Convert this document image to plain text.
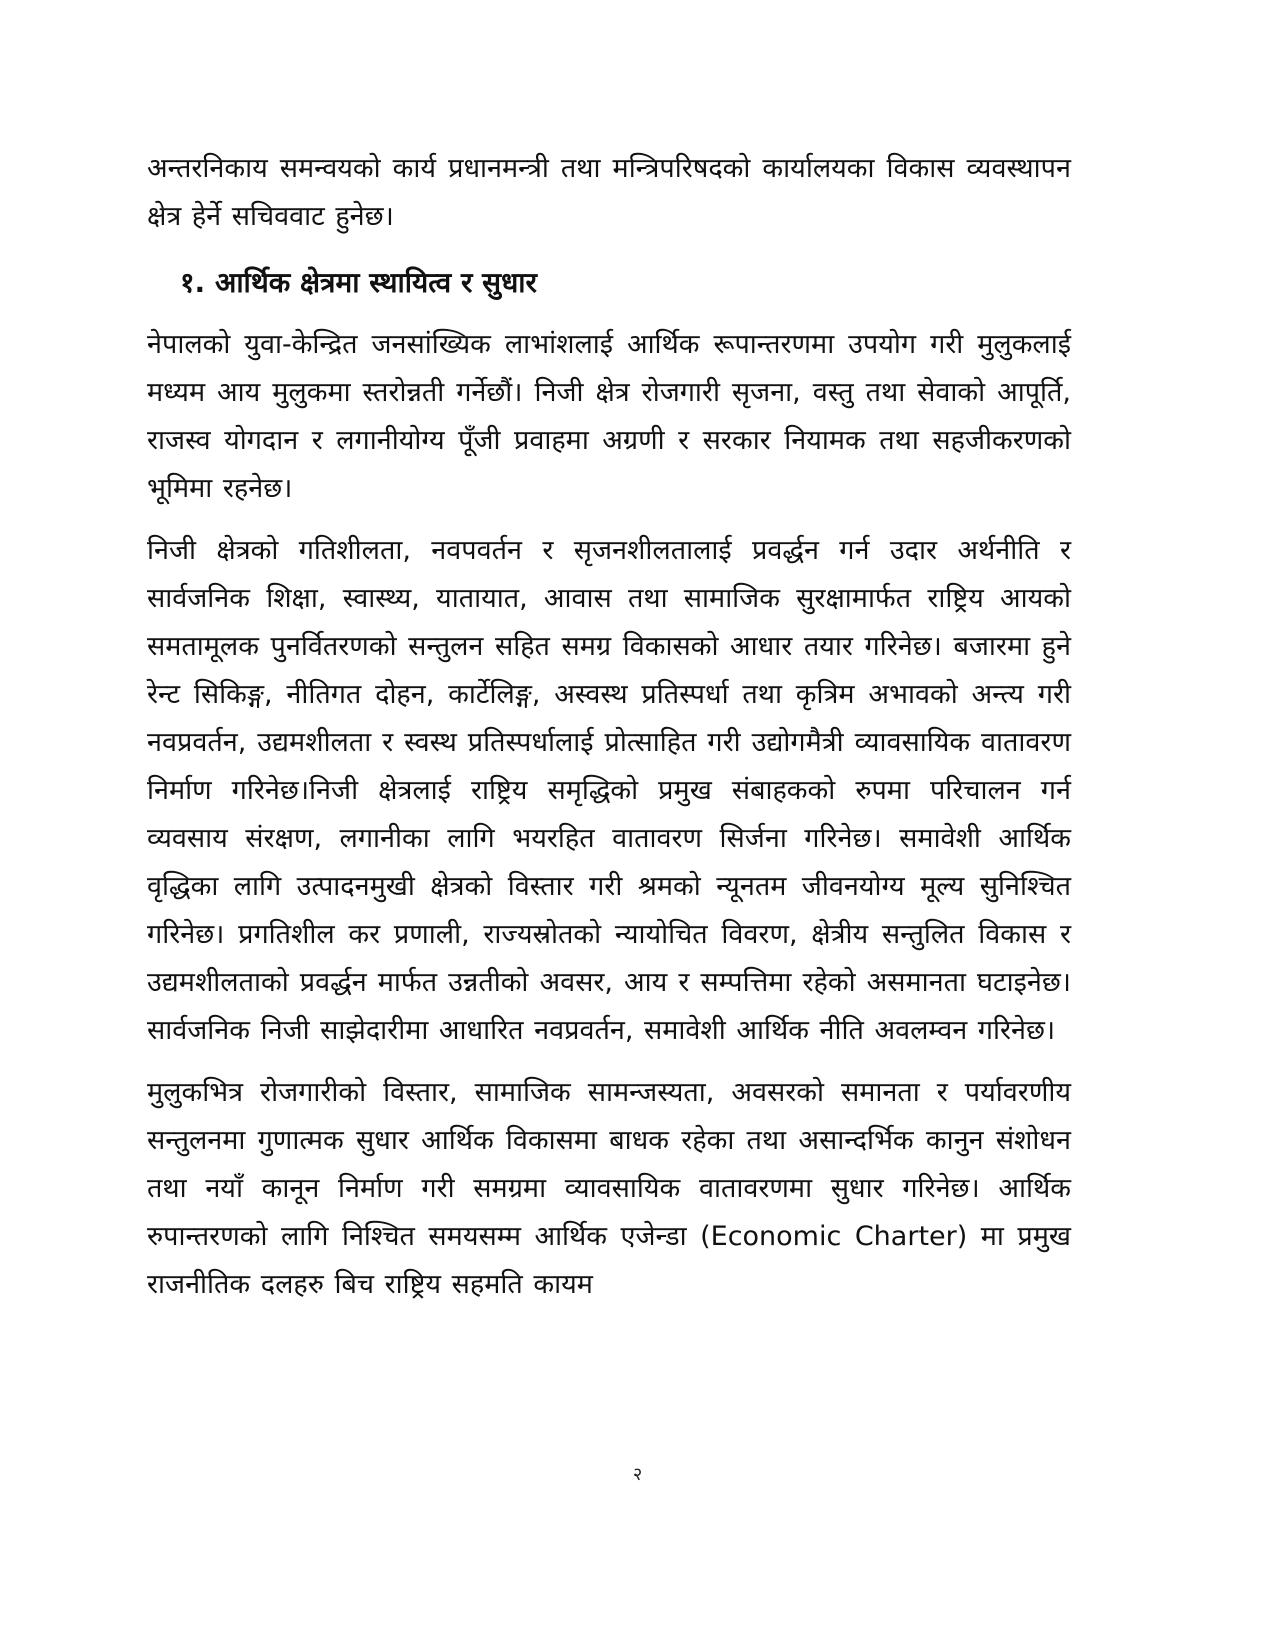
अन्तरनिकाय समन्वयको कार्य प्रधानमन्त्री तथा मन्त्रिपरिषदको कार्यालयका विकास व्यवस्थापन क्षेत्र हेर्ने सचिववाट हुनेछ।

१. आर्थिक क्षेत्रमा स्थायित्व र सुधार

नेपालको युवा-केन्द्रित जनसांख्यिक लाभांशलाई आर्थिक रूपान्तरणमा उपयोग गरी मुलुकलाई मध्यम आय मुलुकमा स्तरोन्नती गर्नेछौं। निजी क्षेत्र रोजगारी सृजना, वस्तु तथा सेवाको आपूर्ति, राजस्व योगदान र लगानीयोग्य पूँजी प्रवाहमा अग्रणी र सरकार नियामक तथा सहजीकरणको भूमिमा रहनेछ।

निजी क्षेत्रको गतिशीलता, नवपवर्तन र सृजनशीलतालाई प्रवर्द्धन गर्न उदार अर्थनीति र सार्वजनिक शिक्षा, स्वास्थ्य, यातायात, आवास तथा सामाजिक सुरक्षामार्फत राष्ट्रिय आयको समतामूलक पुनर्वितरणको सन्तुलन सहित समग्र विकासको आधार तयार गरिनेछ। बजारमा हुने रेन्ट सिकिङ्ग, नीतिगत दोहन, कार्टेलिङ्ग, अस्वस्थ प्रतिस्पर्धा तथा कृत्रिम अभावको अन्त्य गरी नवप्रवर्तन, उद्यमशीलता र स्वस्थ प्रतिस्पर्धालाई प्रोत्साहित गरी उद्योगमैत्री व्यावसायिक वातावरण निर्माण गरिनेछ।निजी क्षेत्रलाई राष्ट्रिय समृद्धिको प्रमुख संबाहकको रुपमा परिचालन गर्न व्यवसाय संरक्षण, लगानीका लागि भयरहित वातावरण सिर्जना गरिनेछ। समावेशी आर्थिक वृद्धिका लागि उत्पादनमुखी क्षेत्रको विस्तार गरी श्रमको न्यूनतम जीवनयोग्य मूल्य सुनिश्चित गरिनेछ। प्रगतिशील कर प्रणाली, राज्यस्रोतको न्यायोचित विवरण, क्षेत्रीय सन्तुलित विकास र उद्यमशीलताको प्रवर्द्धन मार्फत उन्नतीको अवसर, आय र सम्पत्तिमा रहेको असमानता घटाइनेछ। सार्वजनिक निजी साझेदारीमा आधारित नवप्रवर्तन, समावेशी आर्थिक नीति अवलम्वन गरिनेछ।

मुलुकभित्र रोजगारीको विस्तार, सामाजिक सामन्जस्यता, अवसरको समानता र पर्यावरणीय सन्तुलनमा गुणात्मक सुधार आर्थिक विकासमा बाधक रहेका तथा असान्दर्भिक कानुन संशोधन तथा नयाँ कानून निर्माण गरी समग्रमा व्यावसायिक वातावरणमा सुधार गरिनेछ। आर्थिक रुपान्तरणको लागि निश्चित समयसम्म आर्थिक एजेन्डा (Economic Charter) मा प्रमुख राजनीतिक दलहरु बिच राष्ट्रिय सहमति कायम

२
